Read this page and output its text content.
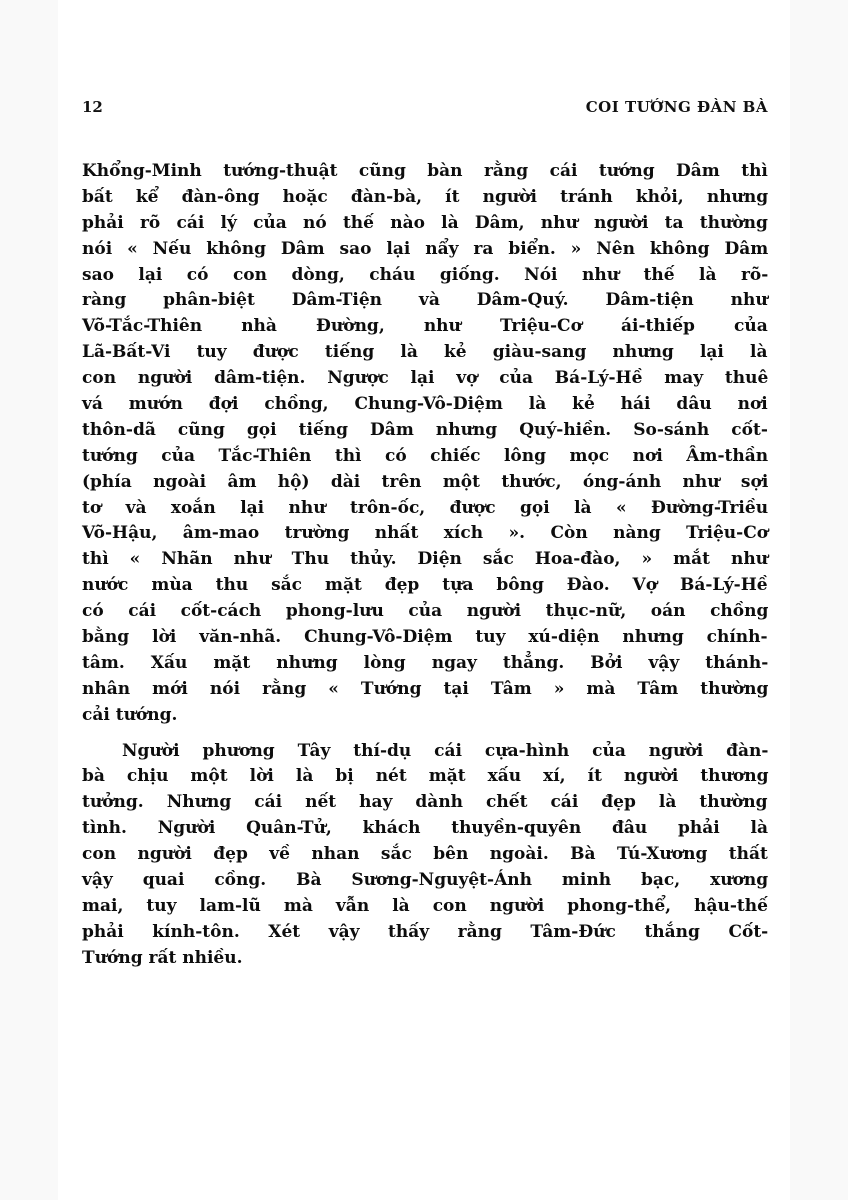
12	COI TƯỚNG ĐÀN BÀ
Khổng-Minh tướng-thuật cũng bàn rằng cái tướng Dâm thì
bất kể đàn-ông hoặc đàn-bà, ít người tránh khỏi, nhưng
phải rõ cái lý của nó thế nào là Dâm, như người ta thường
nói « Nếu không Dâm sao lại nẩy ra biển. » Nên không Dâm
sao lại có con dòng, cháu giống. Nói như thế là rõ-
ràng phân-biệt Dâm-Tiện và Dâm-Quý. Dâm-tiện như
Võ-Tắc-Thiên nhà Đường, như Triệu-Cơ ái-thiếp của
Lã-Bất-Vi tuy được tiếng là kẻ giàu-sang nhưng lại là
con người dâm-tiện. Ngược lại vợ của Bá-Lý-Hề may thuê
vá mướn đợi chồng, Chung-Vô-Diệm là kẻ hái dâu nơi
thôn-dã cũng gọi tiếng Dâm nhưng Quý-hiền. So-sánh cốt-
tướng của Tắc-Thiên thì có chiếc lông mọc nơi Âm-thần
(phía ngoài âm hộ) dài trên một thước, óng-ánh như sợi
tơ và xoắn lại như trôn-ốc, được gọi là « Đường-Triều
Võ-Hậu, âm-mao trường nhất xích ». Còn nàng Triệu-Cơ
thì « Nhãn như Thu thủy. Diện sắc Hoa-đào, » mắt như
nước mùa thu sắc mặt đẹp tựa bông Đào. Vợ Bá-Lý-Hề
có cái cốt-cách phong-lưu của người thục-nữ, oán chồng
bằng lời văn-nhã. Chung-Vô-Diệm tuy xú-diện nhưng chính-
tâm. Xấu mặt nhưng lòng ngay thẳng. Bởi vậy thánh-
nhân mới nói rằng « Tướng tại Tâm » mà Tâm thường
cải tướng.
Người phương Tây thí-dụ cái cựa-hình của người đàn-
bà chịu một lời là bị nét mặt xấu xí, ít người thương
tưởng. Nhưng cái nết hay dành chết cái đẹp là thường
tình. Người Quân-Tử, khách thuyền-quyên đâu phải là
con người đẹp về nhan sắc bên ngoài. Bà Tú-Xương thất
vậy quai cồng. Bà Sương-Nguyệt-Ánh minh bạc, xương
mai, tuy lam-lũ mà vẫn là con người phong-thể, hậu-thế
phải kính-tôn. Xét vậy thấy rằng Tâm-Đức thắng Cốt-
Tướng rất nhiều.
